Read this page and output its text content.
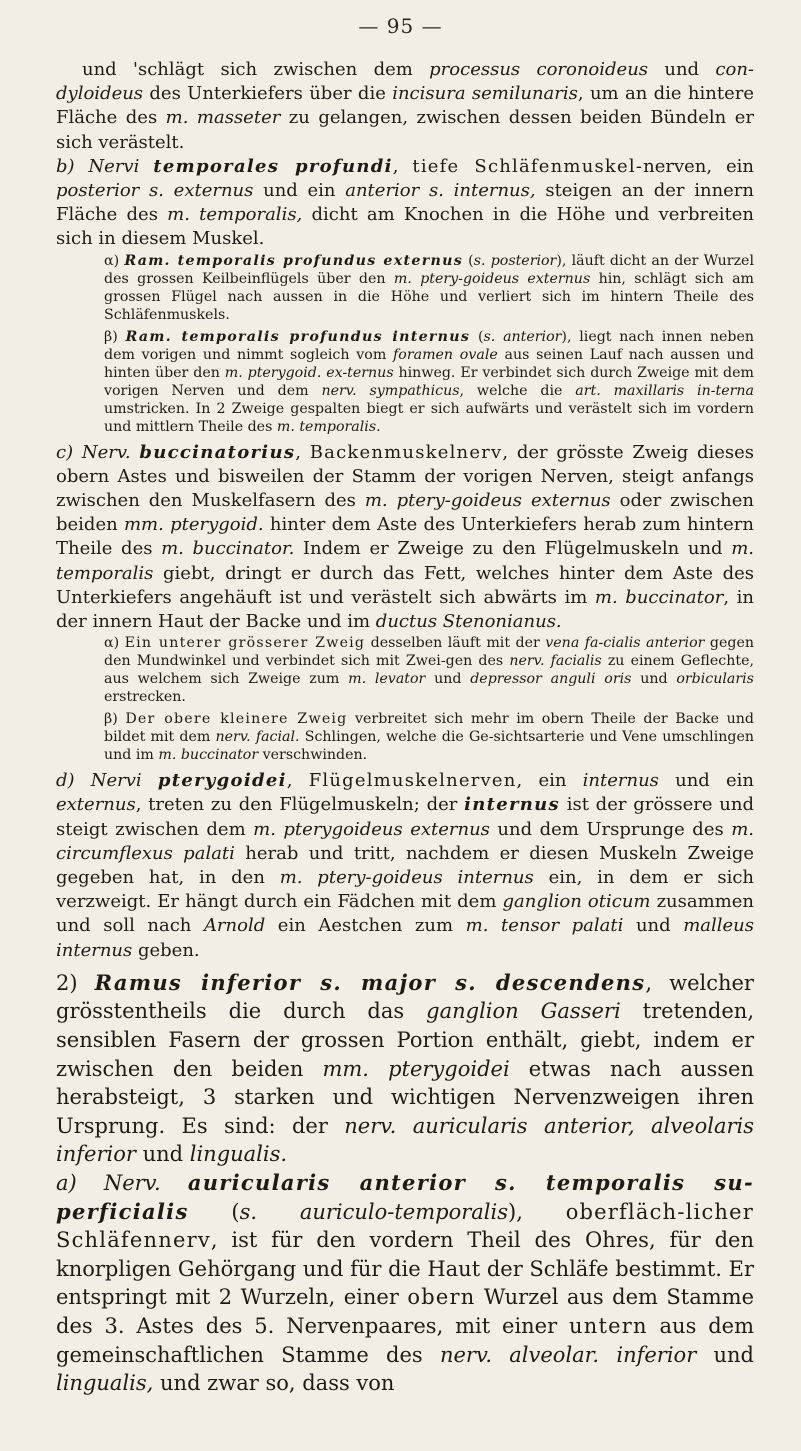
— 95 —

und 'schlägt sich zwischen dem processus coronoideus und con-dyloideus des Unterkiefers über die incisura semilunaris, um an die hintere Fläche des m. masseter zu gelangen, zwischen dessen beiden Bündeln er sich verästelt.

b) Nervi temporales profundi, tiefe Schläfenmuskel-nerven, ein posterior s. externus und ein anterior s. internus, steigen an der innern Fläche des m. temporalis, dicht am Knochen in die Höhe und verbreiten sich in diesem Muskel.

α) Ram. temporalis profundus externus (s. posterior), läuft dicht an der Wurzel des grossen Keilbeinflügels über den m. ptery-goideus externus hin, schlägt sich am grossen Flügel nach aussen in die Höhe und verliert sich im hintern Theile des Schläfenmuskels.

β) Ram. temporalis profundus internus (s. anterior), liegt nach innen neben dem vorigen und nimmt sogleich vom foramen ovale aus seinen Lauf nach aussen und hinten über den m. pterygoid. ex-ternus hinweg. Er verbindet sich durch Zweige mit dem vorigen Nerven und dem nerv. sympathicus, welche die art. maxillaris in-terna umstricken. In 2 Zweige gespalten biegt er sich aufwärts und verästelt sich im vordern und mittlern Theile des m. temporalis.

c) Nerv. buccinatorius, Backenmuskelnerv, der grösste Zweig dieses obern Astes und bisweilen der Stamm der vorigen Nerven, steigt anfangs zwischen den Muskelfasern des m. ptery-goideus externus oder zwischen beiden mm. pterygoid. hinter dem Aste des Unterkiefers herab zum hintern Theile des m. buccinator. Indem er Zweige zu den Flügelmuskeln und m. temporalis giebt, dringt er durch das Fett, welches hinter dem Aste des Unterkiefers angehäuft ist und verästelt sich abwärts im m. buccinator, in der innern Haut der Backe und im ductus Stenonianus.

α) Ein unterer grösserer Zweig desselben läuft mit der vena fa-cialis anterior gegen den Mundwinkel und verbindet sich mit Zwei-gen des nerv. facialis zu einem Geflechte, aus welchem sich Zweige zum m. levator und depressor anguli oris und orbicularis erstrecken.

β) Der obere kleinere Zweig verbreitet sich mehr im obern Theile der Backe und bildet mit dem nerv. facial. Schlingen, welche die Ge-sichtsarterie und Vene umschlingen und im m. buccinator verschwinden.

d) Nervi pterygoidei, Flügelmuskelnerven, ein internus und ein externus, treten zu den Flügelmuskeln; der internus ist der grössere und steigt zwischen dem m. pterygoideus externus und dem Ursprunge des m. circumflexus palati herab und tritt, nachdem er diesen Muskeln Zweige gegeben hat, in den m. ptery-goideus internus ein, in dem er sich verzweigt. Er hängt durch ein Fädchen mit dem ganglion oticum zusammen und soll nach Arnold ein Aestchen zum m. tensor palati und malleus internus geben.

2) Ramus inferior s. major s. descendens, welcher grösstentheils die durch das ganglion Gasseri tretenden, sensiblen Fasern der grossen Portion enthält, giebt, indem er zwischen den beiden mm. pterygoidei etwas nach aussen herabsteigt, 3 starken und wichtigen Nervenzweigen ihren Ursprung. Es sind: der nerv. auricularis anterior, alveolaris inferior und lingualis.

a) Nerv. auricularis anterior s. temporalis su-perficialis (s. auriculo-temporalis), oberfläch-licher Schläfennerv, ist für den vordern Theil des Ohres, für den knorpligen Gehörgang und für die Haut der Schläfe bestimmt. Er entspringt mit 2 Wurzeln, einer obern Wurzel aus dem Stamme des 3. Astes des 5. Nervenpaares, mit einer untern aus dem gemeinschaftlichen Stamme des nerv. alveolar. inferior und lingualis, und zwar so, dass von
